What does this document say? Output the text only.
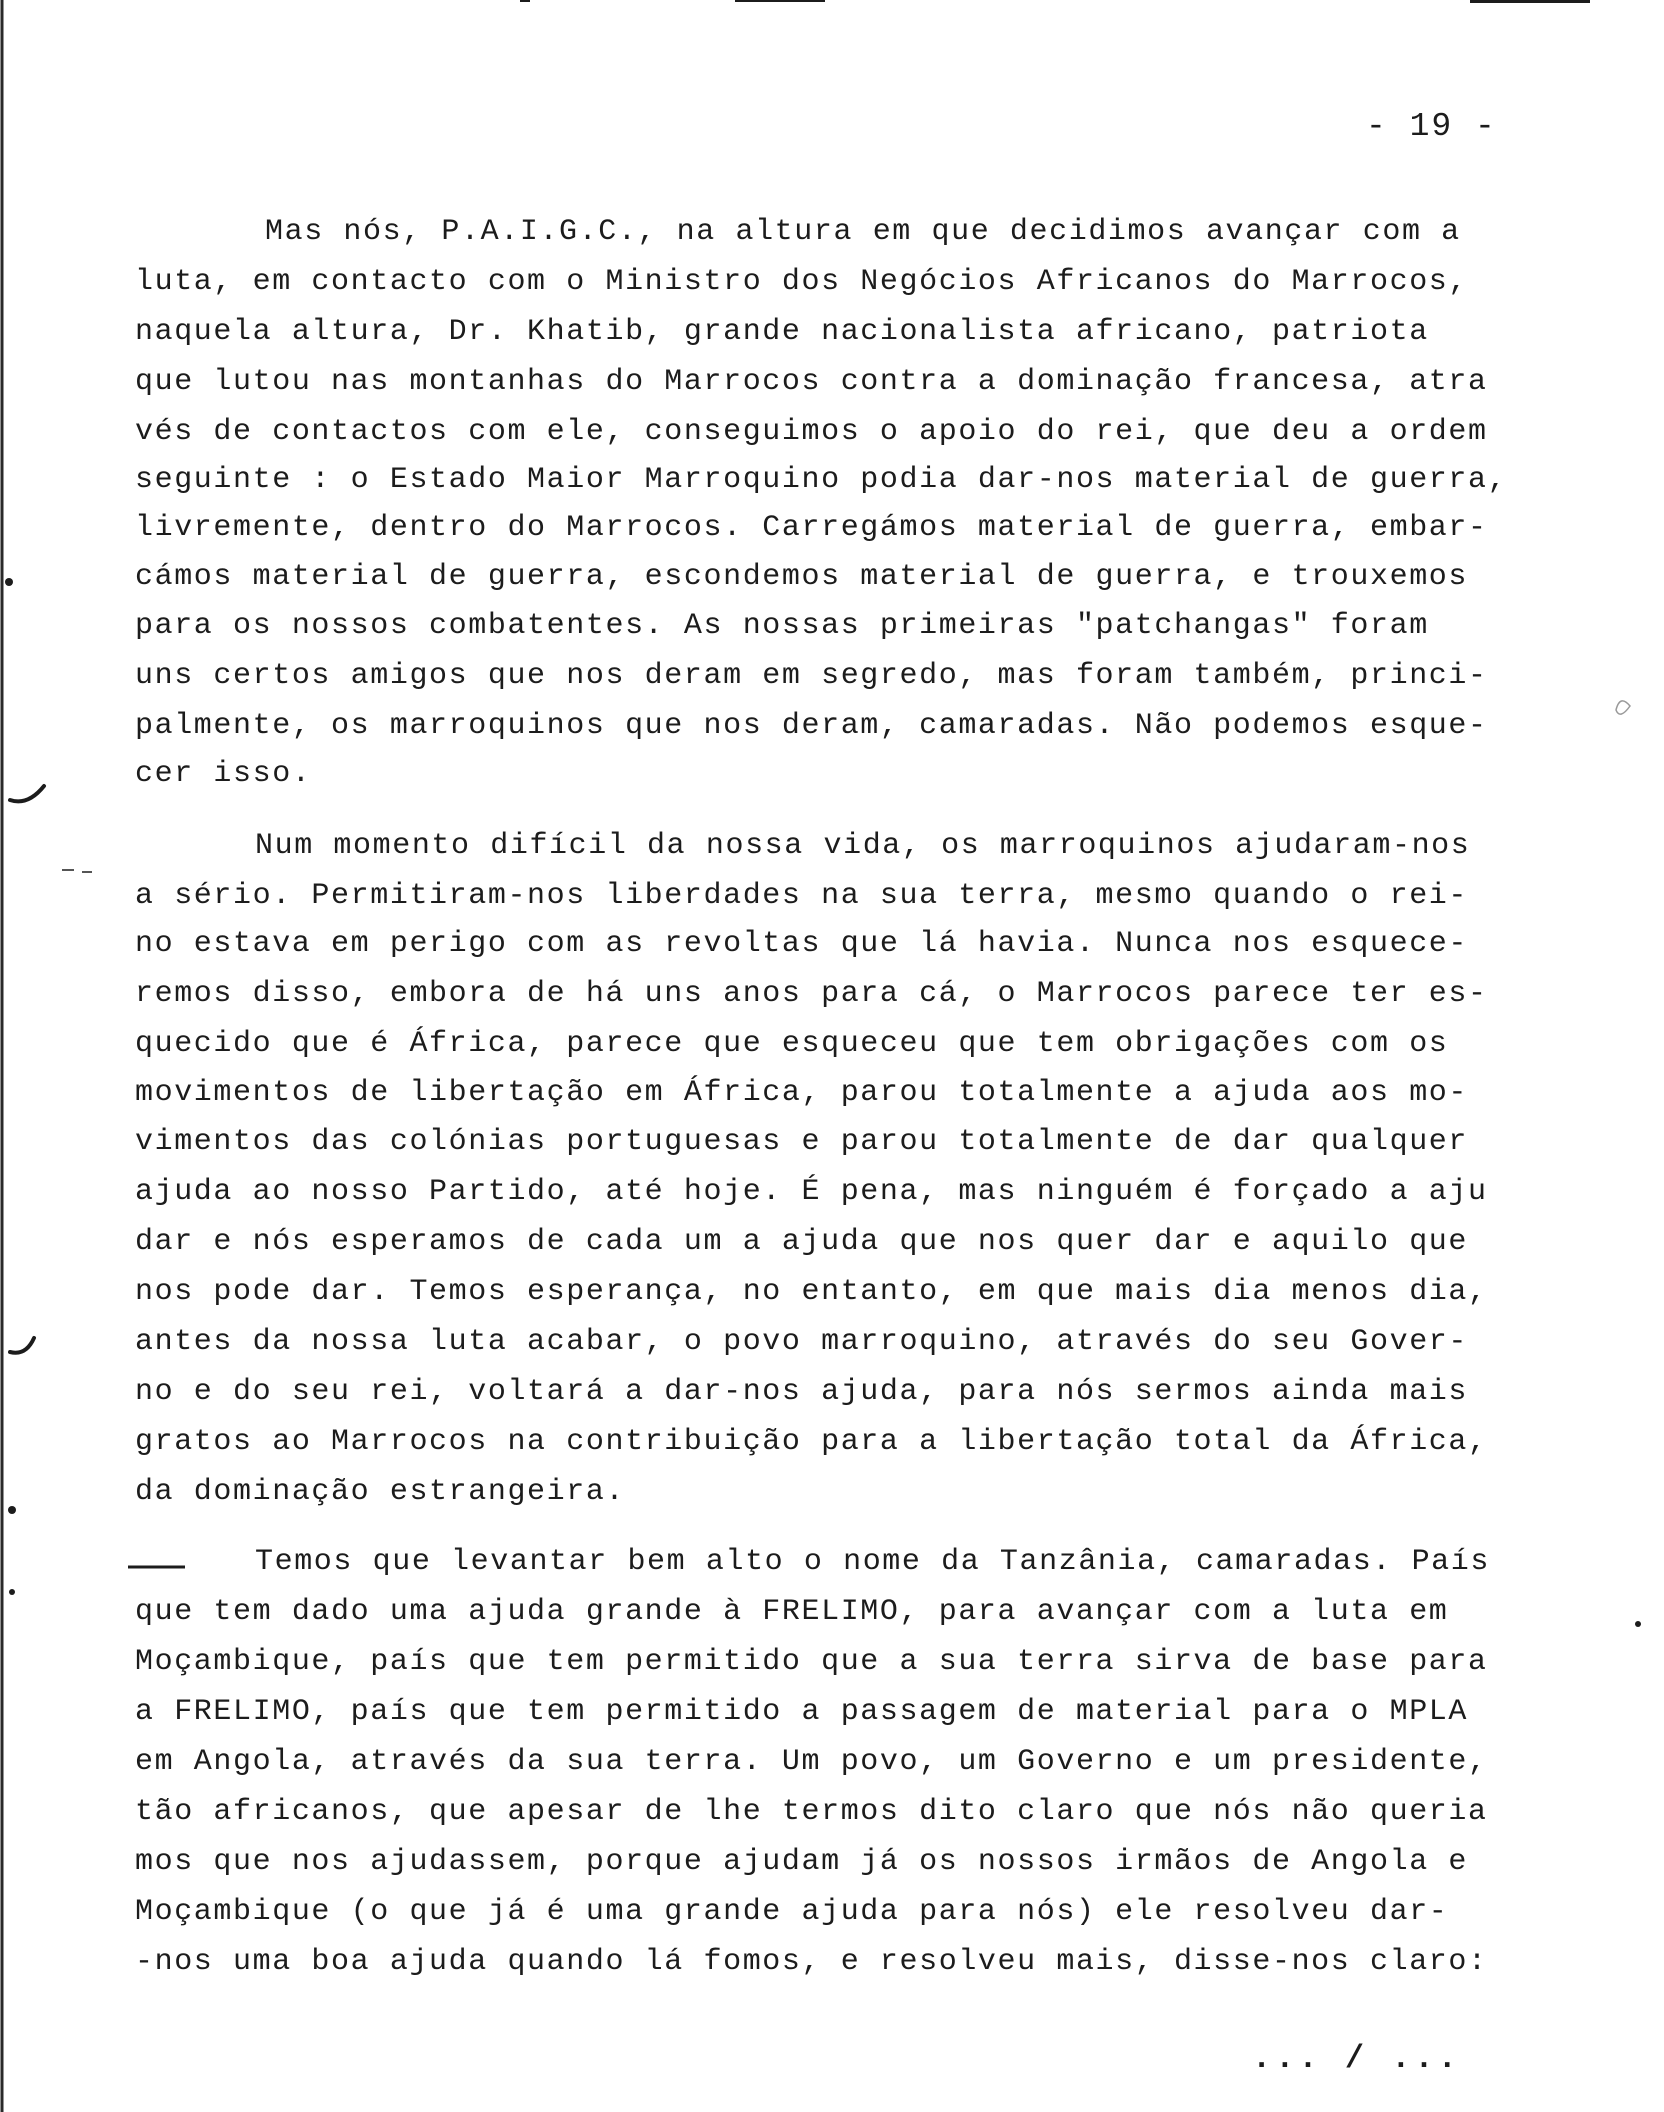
- 19 -
Mas nós, P.A.I.G.C., na altura em que decidimos avançar com a
luta, em contacto com o Ministro dos Negócios Africanos do Marrocos,
naquela altura, Dr. Khatib, grande nacionalista africano, patriota
que lutou nas montanhas do Marrocos contra a dominação francesa, atra
vés de contactos com ele, conseguimos o apoio do rei, que deu a ordem
seguinte : o Estado Maior Marroquino podia dar-nos material de guerra,
livremente, dentro do Marrocos. Carregámos material de guerra, embar-
cámos material de guerra, escondemos material de guerra, e trouxemos
para os nossos combatentes. As nossas primeiras "patchangas" foram
uns certos amigos que nos deram em segredo, mas foram também, princi-
palmente, os marroquinos que nos deram, camaradas. Não podemos esque-
cer isso.
Num momento difícil da nossa vida, os marroquinos ajudaram-nos
a sério. Permitiram-nos liberdades na sua terra, mesmo quando o rei-
no estava em perigo com as revoltas que lá havia. Nunca nos esquece-
remos disso, embora de há uns anos para cá, o Marrocos parece ter es-
quecido que é África, parece que esqueceu que tem obrigações com os
movimentos de libertação em África, parou totalmente a ajuda aos mo-
vimentos das colónias portuguesas e parou totalmente de dar qualquer
ajuda ao nosso Partido, até hoje. É pena, mas ninguém é forçado a aju
dar e nós esperamos de cada um a ajuda que nos quer dar e aquilo que
nos pode dar. Temos esperança, no entanto, em que mais dia menos dia,
antes da nossa luta acabar, o povo marroquino, através do seu Gover-
no e do seu rei, voltará a dar-nos ajuda, para nós sermos ainda mais
gratos ao Marrocos na contribuição para a libertação total da África,
da dominação estrangeira.
Temos que levantar bem alto o nome da Tanzânia, camaradas. País
que tem dado uma ajuda grande à FRELIMO, para avançar com a luta em
Moçambique, país que tem permitido que a sua terra sirva de base para
a FRELIMO, país que tem permitido a passagem de material para o MPLA
em Angola, através da sua terra. Um povo, um Governo e um presidente,
tão africanos, que apesar de lhe termos dito claro que nós não queria
mos que nos ajudassem, porque ajudam já os nossos irmãos de Angola e
Moçambique (o que já é uma grande ajuda para nós) ele resolveu dar-
-nos uma boa ajuda quando lá fomos, e resolveu mais, disse-nos claro:
... / ...
